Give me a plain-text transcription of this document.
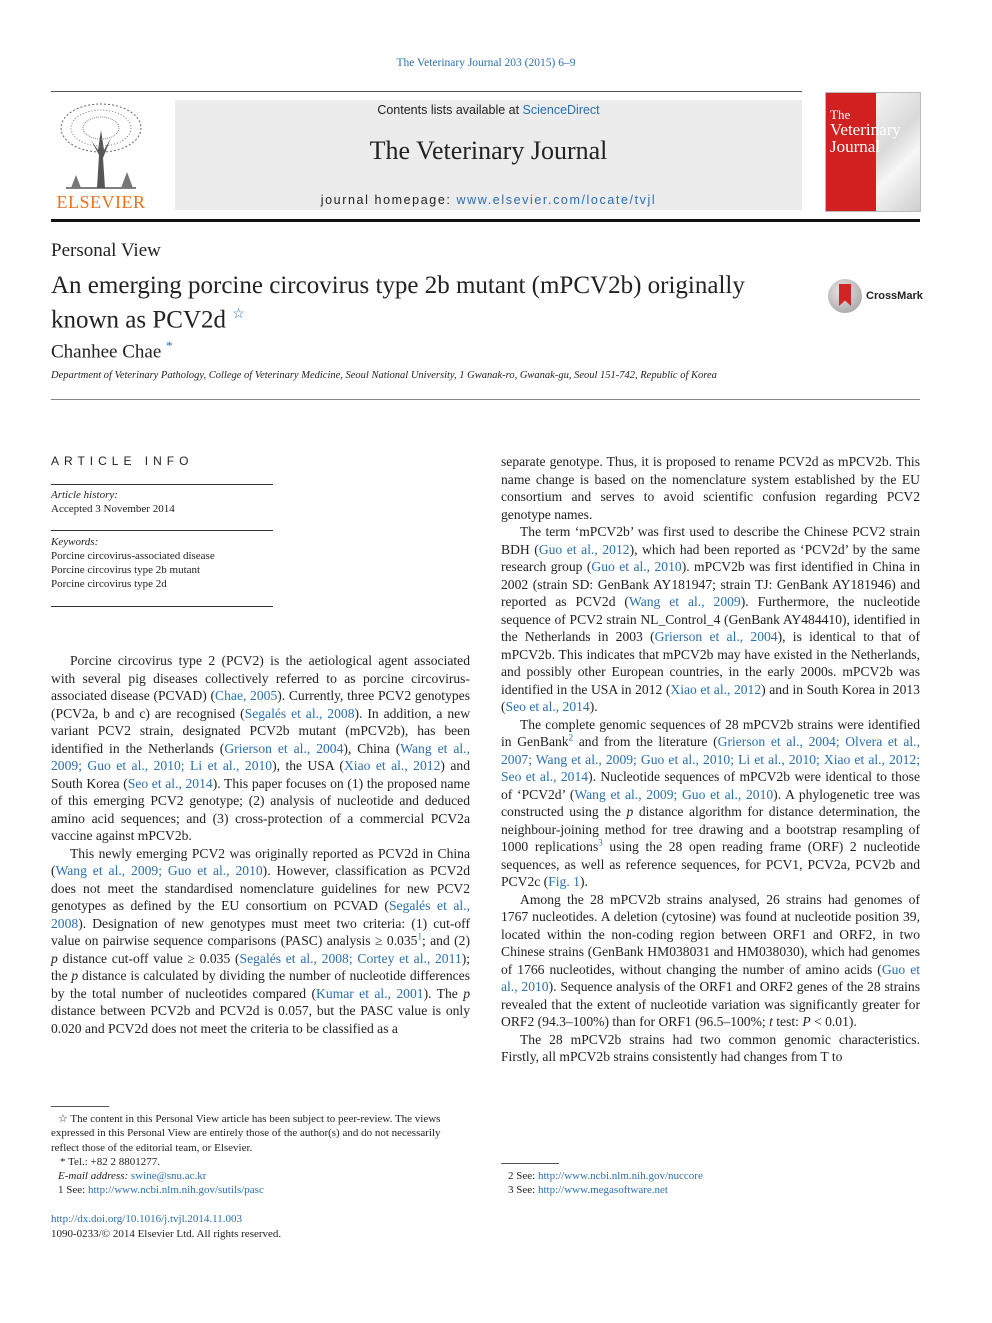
The Veterinary Journal 203 (2015) 6–9
ELSEVIER
Contents lists available at ScienceDirect
The Veterinary Journal
journal homepage: www.elsevier.com/locate/tvjl
The
Veterinary Journal
Personal View
An emerging porcine circovirus type 2b mutant (mPCV2b) originally known as PCV2d ☆
CrossMark
Chanhee Chae *
Department of Veterinary Pathology, College of Veterinary Medicine, Seoul National University, 1 Gwanak-ro, Gwanak-gu, Seoul 151-742, Republic of Korea
ARTICLE INFO
Article history:
Accepted 3 November 2014
Keywords:
Porcine circovirus-associated disease
Porcine circovirus type 2b mutant
Porcine circovirus type 2d

Porcine circovirus type 2 (PCV2) is the aetiological agent associated with several pig diseases collectively referred to as porcine circovirus-associated disease (PCVAD) (Chae, 2005). Currently, three PCV2 genotypes (PCV2a, b and c) are recognised (Segalés et al., 2008). In addition, a new variant PCV2 strain, designated PCV2b mutant (mPCV2b), has been identified in the Netherlands (Grierson et al., 2004), China (Wang et al., 2009; Guo et al., 2010; Li et al., 2010), the USA (Xiao et al., 2012) and South Korea (Seo et al., 2014). This paper focuses on (1) the proposed name of this emerging PCV2 genotype; (2) analysis of nucleotide and deduced amino acid sequences; and (3) cross-protection of a commercial PCV2a vaccine against mPCV2b.

This newly emerging PCV2 was originally reported as PCV2d in China (Wang et al., 2009; Guo et al., 2010). However, classification as PCV2d does not meet the standardised nomenclature guidelines for new PCV2 genotypes as defined by the EU consortium on PCVAD (Segalés et al., 2008). Designation of new genotypes must meet two criteria: (1) cut-off value on pairwise sequence comparisons (PASC) analysis ≥ $0.035^1$; and (2) p distance cut-off value ≥ 0.035 (Segalés et al., 2008; Cortey et al., 2011); the p distance is calculated by dividing the number of nucleotide differences by the total number of nucleotides compared (Kumar et al., 2001). The p distance between PCV2b and PCV2d is 0.057, but the PASC value is only 0.020 and PCV2d does not meet the criteria to be classified as a

separate genotype. Thus, it is proposed to rename PCV2d as mPCV2b. This name change is based on the nomenclature system established by the EU consortium and serves to avoid scientific confusion regarding PCV2 genotype names.

The term ‘mPCV2b’ was first used to describe the Chinese PCV2 strain BDH (Guo et al., 2012), which had been reported as ‘PCV2d’ by the same research group (Guo et al., 2010). mPCV2b was first identified in China in 2002 (strain SD: GenBank AY181947; strain TJ: GenBank AY181946) and reported as PCV2d (Wang et al., 2009). Furthermore, the nucleotide sequence of PCV2 strain NL_Control_4 (GenBank AY484410), identified in the Netherlands in 2003 (Grierson et al., 2004), is identical to that of mPCV2b. This indicates that mPCV2b may have existed in the Netherlands, and possibly other European countries, in the early 2000s. mPCV2b was identified in the USA in 2012 (Xiao et al., 2012) and in South Korea in 2013 (Seo et al., 2014).

The complete genomic sequences of 28 mPCV2b strains were identified in GenBank$^2$ and from the literature (Grierson et al., 2004; Olvera et al., 2007; Wang et al., 2009; Guo et al., 2010; Li et al., 2010; Xiao et al., 2012; Seo et al., 2014). Nucleotide sequences of mPCV2b were identical to those of ‘PCV2d’ (Wang et al., 2009; Guo et al., 2010). A phylogenetic tree was constructed using the p distance algorithm for distance determination, the neighbour-joining method for tree drawing and a bootstrap resampling of 1000 replications$^3$ using the 28 open reading frame (ORF) 2 nucleotide sequences, as well as reference sequences, for PCV1, PCV2a, PCV2b and PCV2c (Fig. 1).

Among the 28 mPCV2b strains analysed, 26 strains had genomes of 1767 nucleotides. A deletion (cytosine) was found at nucleotide position 39, located within the non-coding region between ORF1 and ORF2, in two Chinese strains (GenBank HM038031 and HM038030), which had genomes of 1766 nucleotides, without changing the number of amino acids (Guo et al., 2010). Sequence analysis of the ORF1 and ORF2 genes of the 28 strains revealed that the extent of nucleotide variation was significantly greater for ORF2 (94.3–100%) than for ORF1 (96.5–100%; t test: P < 0.01).

The 28 mPCV2b strains had two common genomic characteristics. Firstly, all mPCV2b strains consistently had changes from T to

☆ The content in this Personal View article has been subject to peer-review. The views expressed in this Personal View are entirely those of the author(s) and do not necessarily reflect those of the editorial team, or Elsevier.

* Tel.: +82 2 8801277.

E-mail address: swine@snu.ac.kr

1 See: http://www.ncbi.nlm.nih.gov/sutils/pasc

2 See: http://www.ncbi.nlm.nih.gov/nuccore

3 See: http://www.megasoftware.net

http://dx.doi.org/10.1016/j.tvjl.2014.11.003
1090-0233/© 2014 Elsevier Ltd. All rights reserved.
